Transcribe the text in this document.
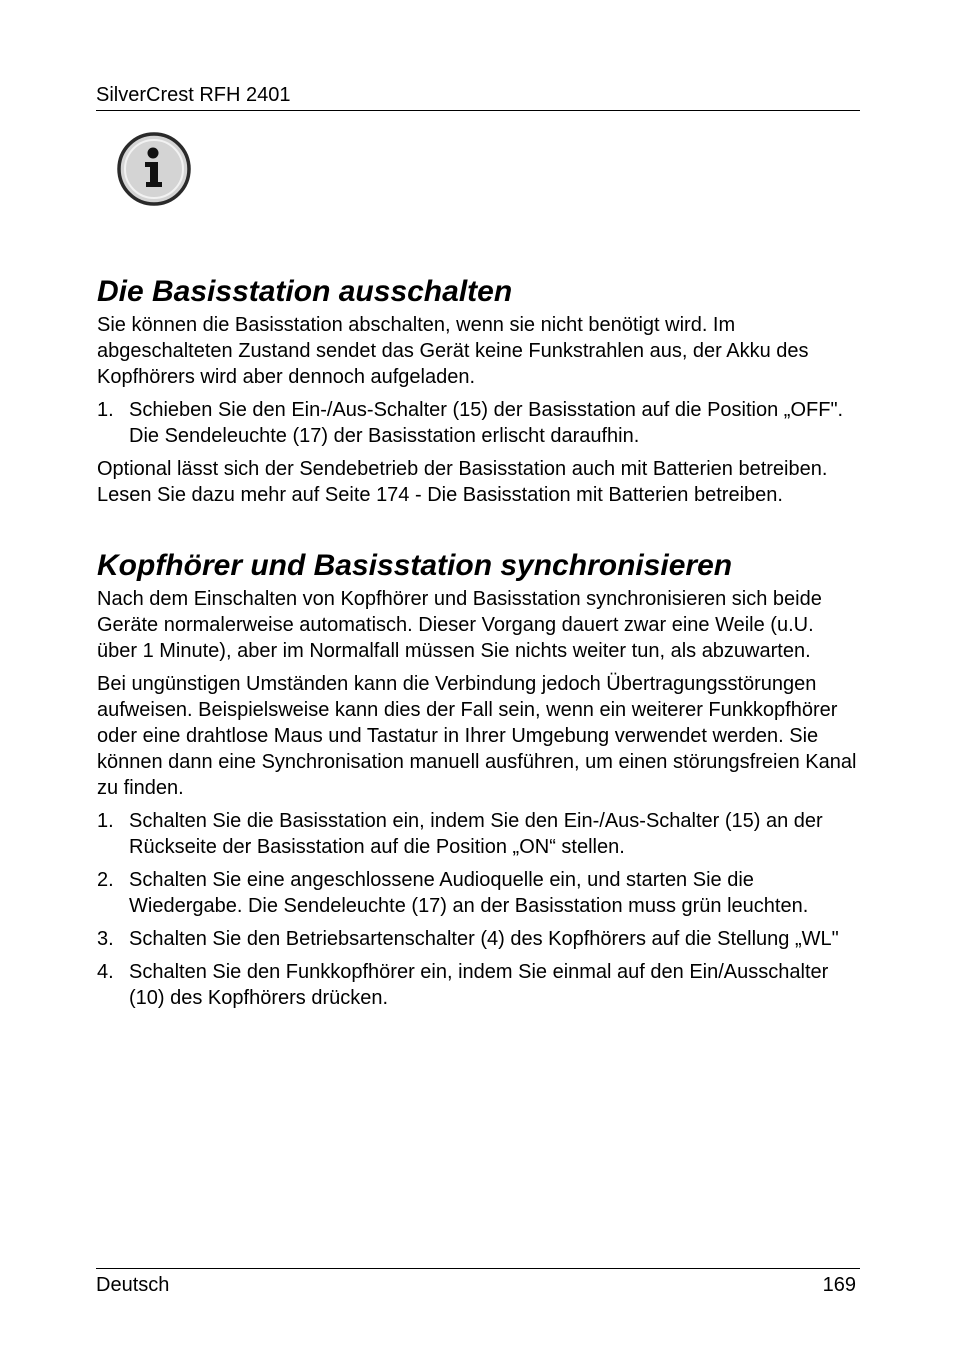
SilverCrest RFH 2401
Die Basisstation ausschalten

Sie können die Basisstation abschalten, wenn sie nicht benötigt wird. Im abgeschalteten Zustand sendet das Gerät keine Funkstrahlen aus, der Akku des Kopfhörers wird aber dennoch aufgeladen.

1. Schieben Sie den Ein-/Aus-Schalter (15) der Basisstation auf die Position „OFF". Die Sendeleuchte (17) der Basisstation erlischt daraufhin.

Optional lässt sich der Sendebetrieb der Basisstation auch mit Batterien betreiben. Lesen Sie dazu mehr auf Seite 174 - Die Basisstation mit Batterien betreiben.

Kopfhörer und Basisstation synchronisieren

Nach dem Einschalten von Kopfhörer und Basisstation synchronisieren sich beide Geräte normalerweise automatisch. Dieser Vorgang dauert zwar eine Weile (u.U. über 1 Minute), aber im Normalfall müssen Sie nichts weiter tun, als abzuwarten.

Bei ungünstigen Umständen kann die Verbindung jedoch Übertragungsstörungen aufweisen. Beispielsweise kann dies der Fall sein, wenn ein weiterer Funkkopfhörer oder eine drahtlose Maus und Tastatur in Ihrer Umgebung verwendet werden. Sie können dann eine Synchronisation manuell ausführen, um einen störungsfreien Kanal zu finden.

1. Schalten Sie die Basisstation ein, indem Sie den Ein-/Aus-Schalter (15) an der Rückseite der Basisstation auf die Position „ON“ stellen.
2. Schalten Sie eine angeschlossene Audioquelle ein, und starten Sie die Wiedergabe. Die Sendeleuchte (17) an der Basisstation muss grün leuchten.
3. Schalten Sie den Betriebsartenschalter (4) des Kopfhörers auf die Stellung „WL"
4. Schalten Sie den Funkkopfhörer ein, indem Sie einmal auf den Ein/Ausschalter (10) des Kopfhörers drücken.
Deutsch	169
